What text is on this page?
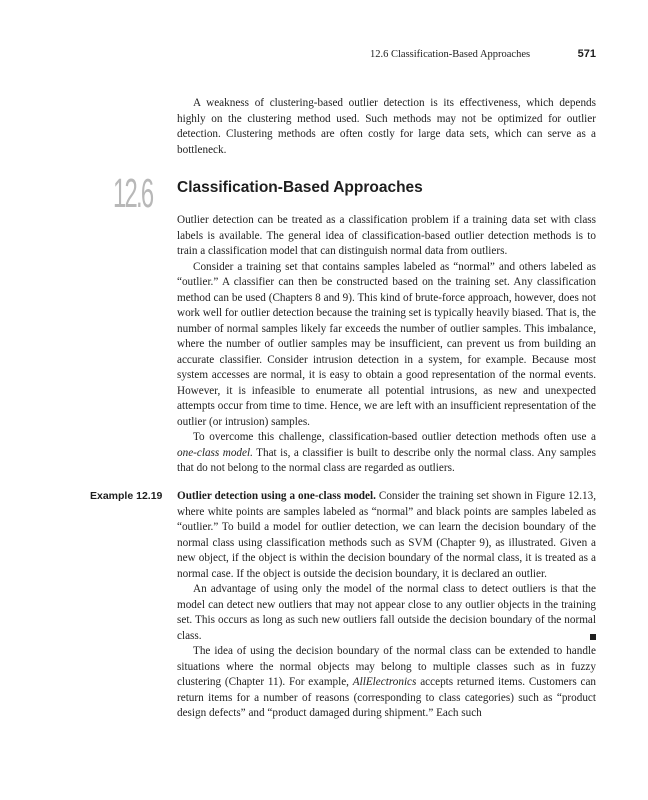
12.6 Classification-Based Approaches	571

A weakness of clustering-based outlier detection is its effectiveness, which depends highly on the clustering method used. Such methods may not be optimized for outlier detection. Clustering methods are often costly for large data sets, which can serve as a bottleneck.

12.6 Classification-Based Approaches

Outlier detection can be treated as a classification problem if a training data set with class labels is available. The general idea of classification-based outlier detection methods is to train a classification model that can distinguish normal data from outliers.

Consider a training set that contains samples labeled as “normal” and others labeled as “outlier.” A classifier can then be constructed based on the training set. Any classification method can be used (Chapters 8 and 9). This kind of brute-force approach, however, does not work well for outlier detection because the training set is typically heavily biased. That is, the number of normal samples likely far exceeds the number of outlier samples. This imbalance, where the number of outlier samples may be insufficient, can prevent us from building an accurate classifier. Consider intrusion detection in a system, for example. Because most system accesses are normal, it is easy to obtain a good representation of the normal events. However, it is infeasible to enumerate all potential intrusions, as new and unexpected attempts occur from time to time. Hence, we are left with an insufficient representation of the outlier (or intrusion) samples.

To overcome this challenge, classification-based outlier detection methods often use a one-class model. That is, a classifier is built to describe only the normal class. Any samples that do not belong to the normal class are regarded as outliers.

Example 12.19	Outlier detection using a one-class model. Consider the training set shown in Figure 12.13, where white points are samples labeled as “normal” and black points are samples labeled as “outlier.” To build a model for outlier detection, we can learn the decision boundary of the normal class using classification methods such as SVM (Chapter 9), as illustrated. Given a new object, if the object is within the decision boundary of the normal class, it is treated as a normal case. If the object is outside the decision boundary, it is declared an outlier.

An advantage of using only the model of the normal class to detect outliers is that the model can detect new outliers that may not appear close to any outlier objects in the training set. This occurs as long as such new outliers fall outside the decision boundary of the normal class.

The idea of using the decision boundary of the normal class can be extended to handle situations where the normal objects may belong to multiple classes such as in fuzzy clustering (Chapter 11). For example, AllElectronics accepts returned items. Customers can return items for a number of reasons (corresponding to class categories) such as “product design defects” and “product damaged during shipment.” Each such
